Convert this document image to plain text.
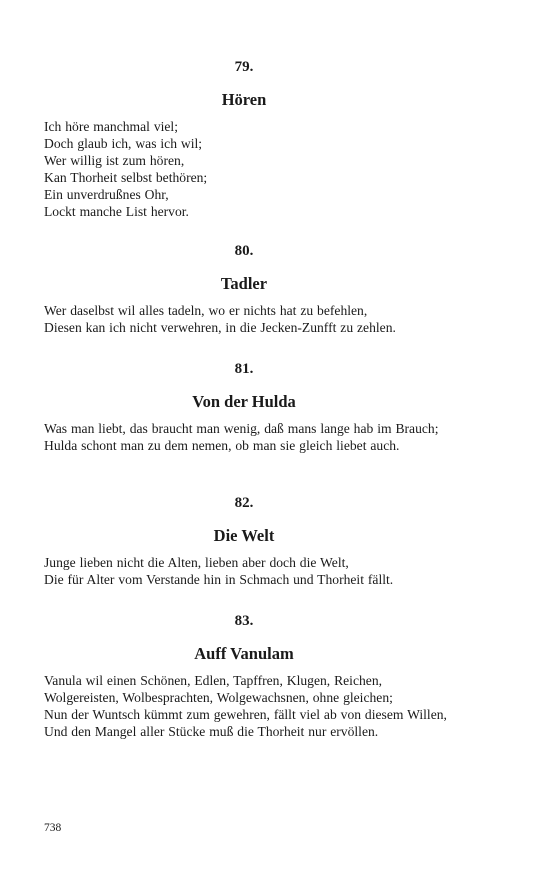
79.
Hören
Ich höre manchmal viel;
Doch glaub ich, was ich wil;
Wer willig ist zum hören,
Kan Thorheit selbst bethören;
Ein unverdrußnes Ohr,
Lockt manche List hervor.
80.
Tadler
Wer daselbst wil alles tadeln, wo er nichts hat zu befehlen,
Diesen kan ich nicht verwehren, in die Jecken-Zunfft zu zehlen.
81.
Von der Hulda
Was man liebt, das braucht man wenig, daß mans lange hab im Brauch;
Hulda schont man zu dem nemen, ob man sie gleich liebet auch.
82.
Die Welt
Junge lieben nicht die Alten, lieben aber doch die Welt,
Die für Alter vom Verstande hin in Schmach und Thorheit fällt.
83.
Auff Vanulam
Vanula wil einen Schönen, Edlen, Tapffren, Klugen, Reichen,
Wolgereisten, Wolbesprachten, Wolgewachsnen, ohne gleichen;
Nun der Wuntsch kümmt zum gewehren, fällt viel ab von diesem Willen,
Und den Mangel aller Stücke muß die Thorheit nur ervöllen.
738
